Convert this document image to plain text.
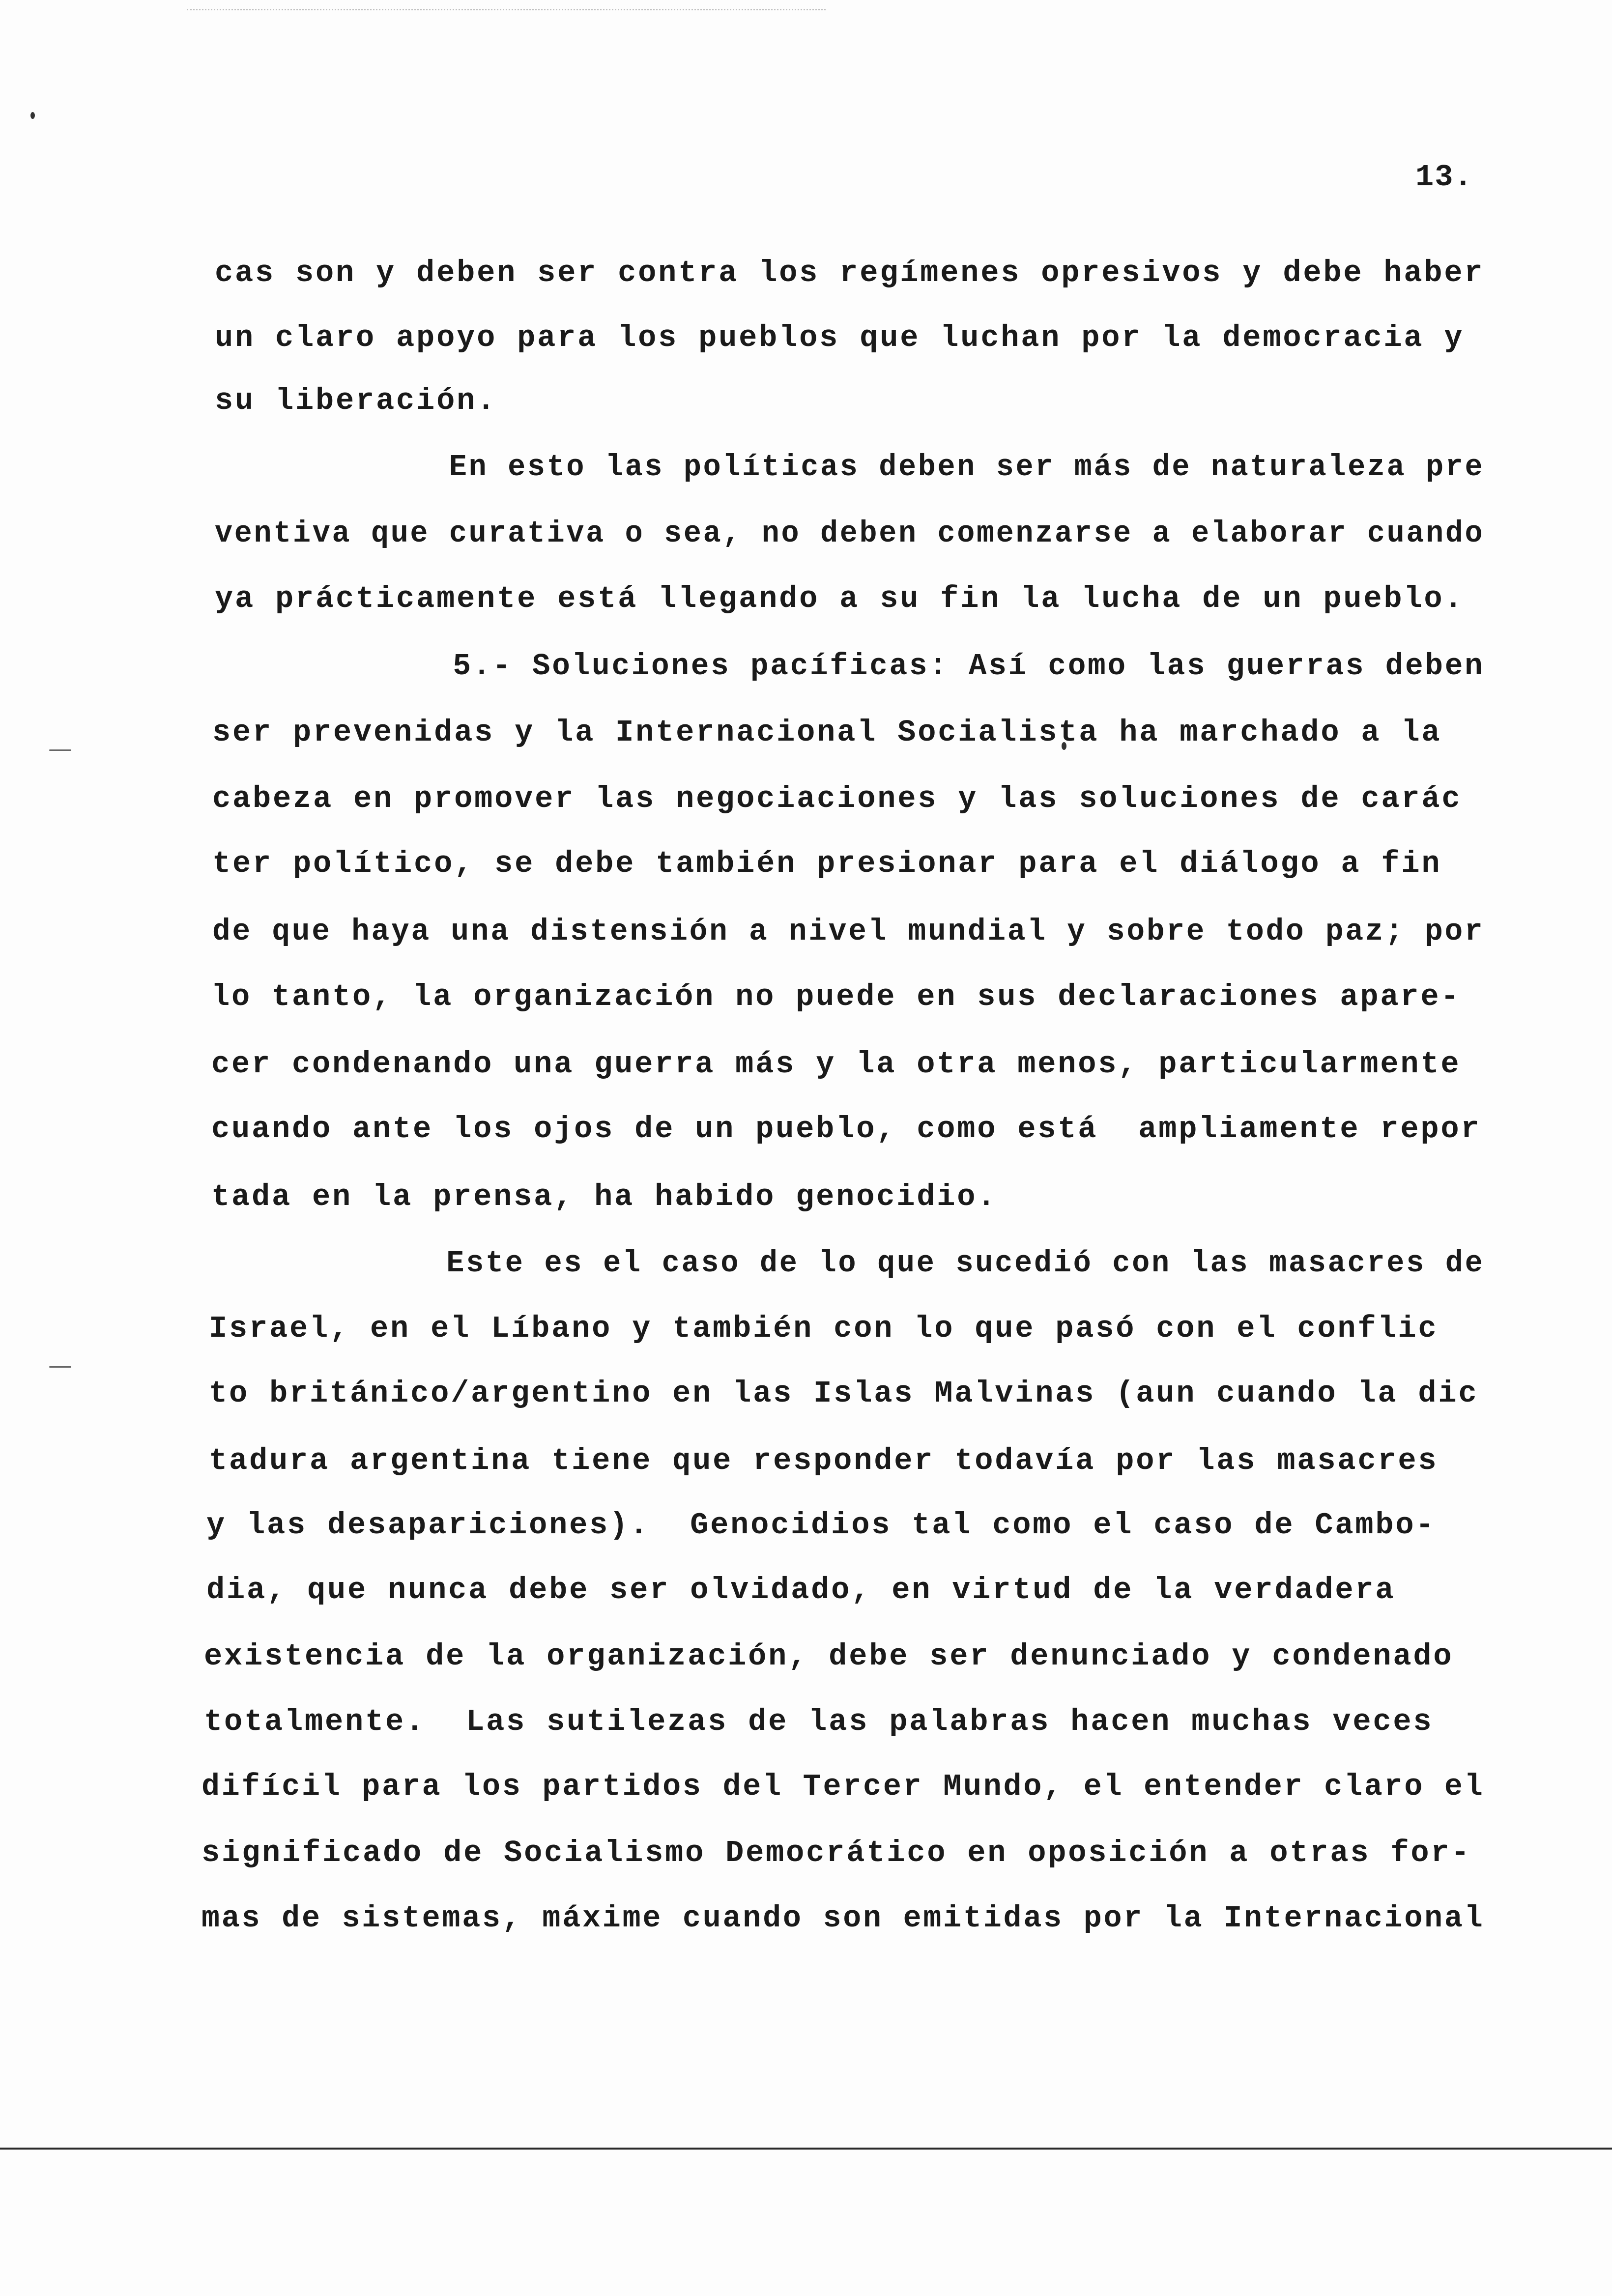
13.
cas son y deben ser contra los regímenes opresivos y debe haber
un claro apoyo para los pueblos que luchan por la democracia y
su liberación.
En esto las políticas deben ser más de naturaleza pre
ventiva que curativa o sea, no deben comenzarse a elaborar cuando
ya prácticamente está llegando a su fin la lucha de un pueblo.
5.- Soluciones pacíficas: Así como las guerras deben
ser prevenidas y la Internacional Socialista ha marchado a la
cabeza en promover las negociaciones y las soluciones de carác
ter político, se debe también presionar para el diálogo a fin
de que haya una distensión a nivel mundial y sobre todo paz; por
lo tanto, la organización no puede en sus declaraciones apare-
cer condenando una guerra más y la otra menos, particularmente
cuando ante los ojos de un pueblo, como está  ampliamente repor
tada en la prensa, ha habido genocidio.
Este es el caso de lo que sucedió con las masacres de
Israel, en el Líbano y también con lo que pasó con el conflic
to británico/argentino en las Islas Malvinas (aun cuando la dic
tadura argentina tiene que responder todavía por las masacres
y las desapariciones).  Genocidios tal como el caso de Cambo-
dia, que nunca debe ser olvidado, en virtud de la verdadera
existencia de la organización, debe ser denunciado y condenado
totalmente.  Las sutilezas de las palabras hacen muchas veces
difícil para los partidos del Tercer Mundo, el entender claro el
significado de Socialismo Democrático en oposición a otras for-
mas de sistemas, máxime cuando son emitidas por la Internacional
